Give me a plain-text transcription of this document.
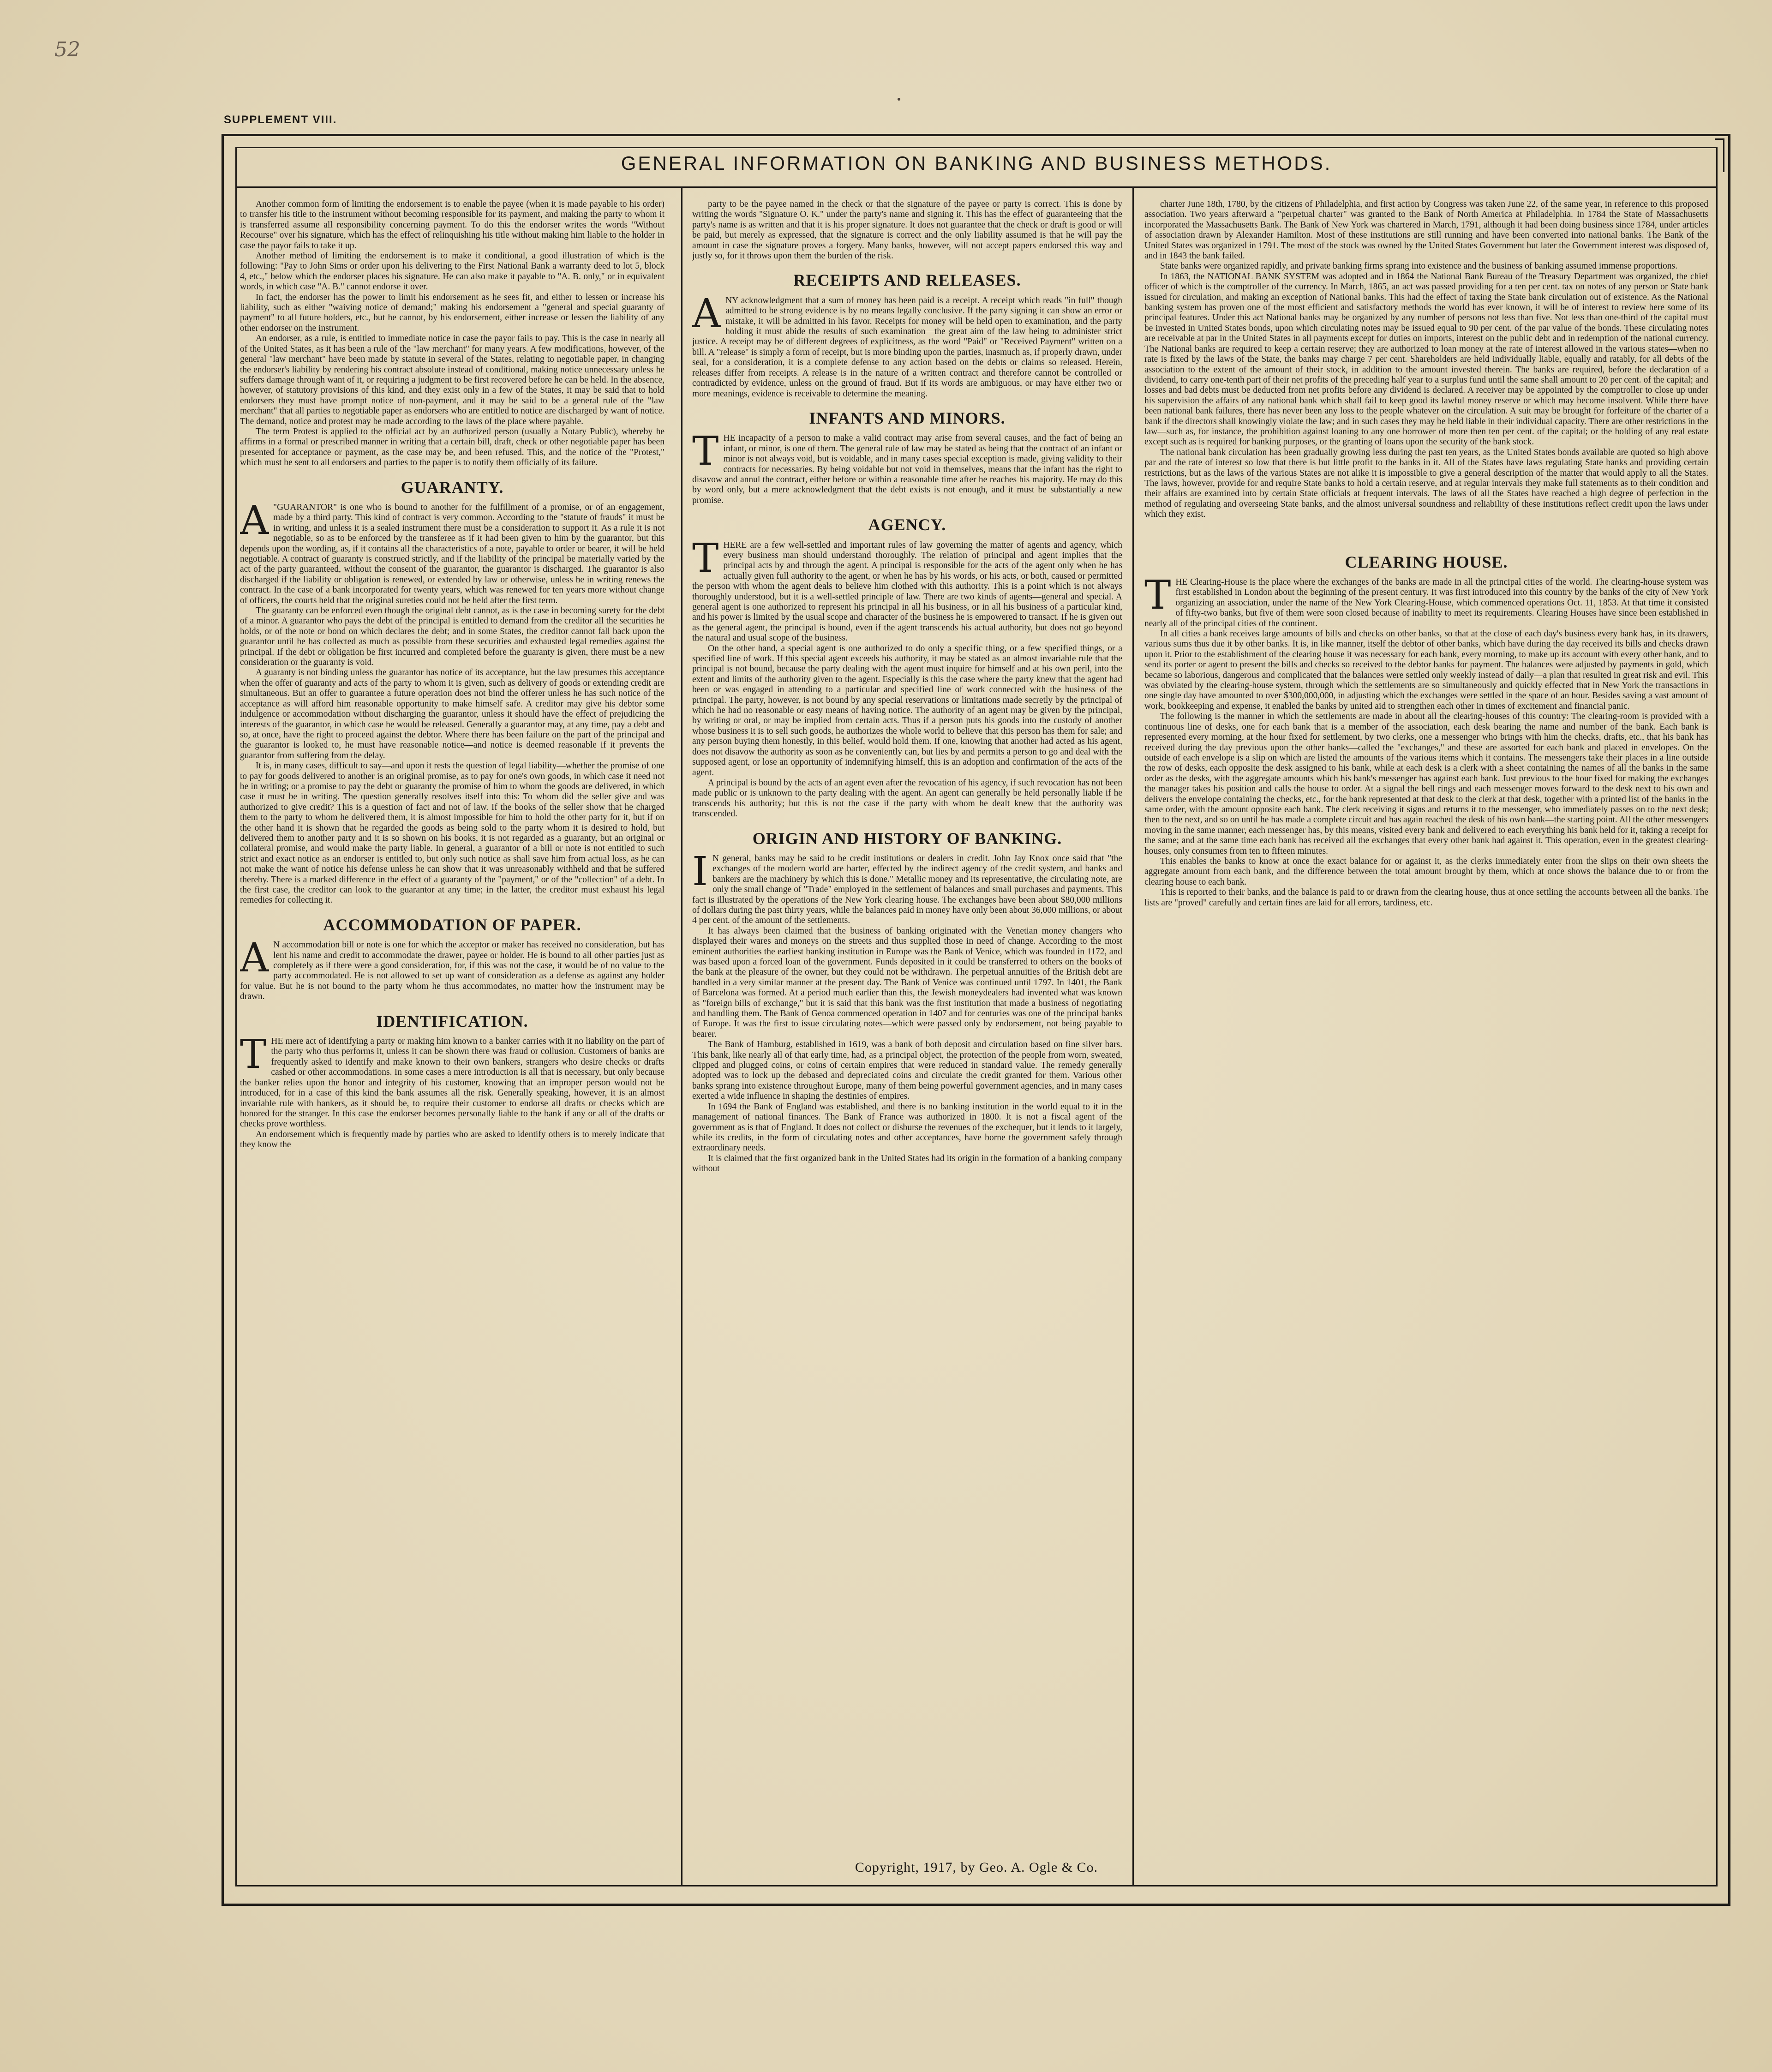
52
SUPPLEMENT VIII.
GENERAL INFORMATION ON BANKING AND BUSINESS METHODS.

Another common form of limiting the endorsement is to enable the payee (when it is made payable to his order) to transfer his title to the instrument without becoming responsible for its payment, and making the party to whom it is transferred assume all responsibility concerning payment. To do this the endorser writes the words "Without Recourse" over his signature, which has the effect of relinquishing his title without making him liable to the holder in case the payor fails to take it up.

Another method of limiting the endorsement is to make it conditional, a good illustration of which is the following: "Pay to John Sims or order upon his delivering to the First National Bank a warranty deed to lot 5, block 4, etc.," below which the endorser places his signature. He can also make it payable to "A. B. only," or in equivalent words, in which case "A. B." cannot endorse it over.

In fact, the endorser has the power to limit his endorsement as he sees fit, and either to lessen or increase his liability, such as either "waiving notice of demand;" making his endorsement a "general and special guaranty of payment" to all future holders, etc., but he cannot, by his endorsement, either increase or lessen the liability of any other endorser on the instrument.

An endorser, as a rule, is entitled to immediate notice in case the payor fails to pay. This is the case in nearly all of the United States, as it has been a rule of the "law merchant" for many years. A few modifications, however, of the general "law merchant" have been made by statute in several of the States, relating to negotiable paper, in changing the endorser's liability by rendering his contract absolute instead of conditional, making notice unnecessary unless he suffers damage through want of it, or requiring a judgment to be first recovered before he can be held. In the absence, however, of statutory provisions of this kind, and they exist only in a few of the States, it may be said that to hold endorsers they must have prompt notice of non-payment, and it may be said to be a general rule of the "law merchant" that all parties to negotiable paper as endorsers who are entitled to notice are discharged by want of notice. The demand, notice and protest may be made according to the laws of the place where payable.

The term Protest is applied to the official act by an authorized person (usually a Notary Public), whereby he affirms in a formal or prescribed manner in writing that a certain bill, draft, check or other negotiable paper has been presented for acceptance or payment, as the case may be, and been refused. This, and the notice of the "Protest," which must be sent to all endorsers and parties to the paper is to notify them officially of its failure.

GUARANTY.

A "GUARANTOR" is one who is bound to another for the fulfillment of a promise, or of an engagement, made by a third party. This kind of contract is very common. According to the "statute of frauds" it must be in writing, and unless it is a sealed instrument there must be a consideration to support it. As a rule it is not negotiable, so as to be enforced by the transferee as if it had been given to him by the guarantor, but this depends upon the wording, as, if it contains all the characteristics of a note, payable to order or bearer, it will be held negotiable. A contract of guaranty is construed strictly, and if the liability of the principal be materially varied by the act of the party guaranteed, without the consent of the guarantor, the guarantor is discharged. The guarantor is also discharged if the liability or obligation is renewed, or extended by law or otherwise, unless he in writing renews the contract. In the case of a bank incorporated for twenty years, which was renewed for ten years more without change of officers, the courts held that the original sureties could not be held after the first term.

The guaranty can be enforced even though the original debt cannot, as is the case in becoming surety for the debt of a minor. A guarantor who pays the debt of the principal is entitled to demand from the creditor all the securities he holds, or of the note or bond on which declares the debt; and in some States, the creditor cannot fall back upon the guarantor until he has collected as much as possible from these securities and exhausted legal remedies against the principal. If the debt or obligation be first incurred and completed before the guaranty is given, there must be a new consideration or the guaranty is void.

A guaranty is not binding unless the guarantor has notice of its acceptance, but the law presumes this acceptance when the offer of guaranty and acts of the party to whom it is given, such as delivery of goods or extending credit are simultaneous. But an offer to guarantee a future operation does not bind the offerer unless he has such notice of the acceptance as will afford him reasonable opportunity to make himself safe. A creditor may give his debtor some indulgence or accommodation without discharging the guarantor, unless it should have the effect of prejudicing the interests of the guarantor, in which case he would be released. Generally a guarantor may, at any time, pay a debt and so, at once, have the right to proceed against the debtor. Where there has been failure on the part of the principal and the guarantor is looked to, he must have reasonable notice—and notice is deemed reasonable if it prevents the guarantor from suffering from the delay.

It is, in many cases, difficult to say—and upon it rests the question of legal liability—whether the promise of one to pay for goods delivered to another is an original promise, as to pay for one's own goods, in which case it need not be in writing; or a promise to pay the debt or guaranty the promise of him to whom the goods are delivered, in which case it must be in writing. The question generally resolves itself into this: To whom did the seller give and was authorized to give credit? This is a question of fact and not of law. If the books of the seller show that he charged them to the party to whom he delivered them, it is almost impossible for him to hold the other party for it, but if on the other hand it is shown that he regarded the goods as being sold to the party whom it is desired to hold, but delivered them to another party and it is so shown on his books, it is not regarded as a guaranty, but an original or collateral promise, and would make the party liable. In general, a guarantor of a bill or note is not entitled to such strict and exact notice as an endorser is entitled to, but only such notice as shall save him from actual loss, as he can not make the want of notice his defense unless he can show that it was unreasonably withheld and that he suffered thereby. There is a marked difference in the effect of a guaranty of the "payment," or of the "collection" of a debt. In the first case, the creditor can look to the guarantor at any time; in the latter, the creditor must exhaust his legal remedies for collecting it.

ACCOMMODATION OF PAPER.

A N accommodation bill or note is one for which the acceptor or maker has received no consideration, but has lent his name and credit to accommodate the drawer, payee or holder. He is bound to all other parties just as completely as if there were a good consideration, for, if this was not the case, it would be of no value to the party accommodated. He is not allowed to set up want of consideration as a defense as against any holder for value. But he is not bound to the party whom he thus accommodates, no matter how the instrument may be drawn.

IDENTIFICATION.

THE mere act of identifying a party or making him known to a banker carries with it no liability on the part of the party who thus performs it, unless it can be shown there was fraud or collusion. Customers of banks are frequently asked to identify and make known to their own bankers, strangers who desire checks or drafts cashed or other accommodations. In some cases a mere introduction is all that is necessary, but only because the banker relies upon the honor and integrity of his customer, knowing that an improper person would not be introduced, for in a case of this kind the bank assumes all the risk. Generally speaking, however, it is an almost invariable rule with bankers, as it should be, to require their customer to endorse all drafts or checks which are honored for the stranger. In this case the endorser becomes personally liable to the bank if any or all of the drafts or checks prove worthless.

An endorsement which is frequently made by parties who are asked to identify others is to merely indicate that they know the

party to be the payee named in the check or that the signature of the payee or party is correct. This is done by writing the words "Signature O. K." under the party's name and signing it. This has the effect of guaranteeing that the party's name is as written and that it is his proper signature. It does not guarantee that the check or draft is good or will be paid, but merely as expressed, that the signature is correct and the only liability assumed is that he will pay the amount in case the signature proves a forgery. Many banks, however, will not accept papers endorsed this way and justly so, for it throws upon them the burden of the risk.

RECEIPTS AND RELEASES.

ANY acknowledgment that a sum of money has been paid is a receipt. A receipt which reads "in full" though admitted to be strong evidence is by no means legally conclusive. If the party signing it can show an error or mistake, it will be admitted in his favor. Receipts for money will be held open to examination, and the party holding it must abide the results of such examination—the great aim of the law being to administer strict justice. A receipt may be of different degrees of explicitness, as the word "Paid" or "Received Payment" written on a bill. A "release" is simply a form of receipt, but is more binding upon the parties, inasmuch as, if properly drawn, under seal, for a consideration, it is a complete defense to any action based on the debts or claims so released. Herein, releases differ from receipts. A release is in the nature of a written contract and therefore cannot be controlled or contradicted by evidence, unless on the ground of fraud. But if its words are ambiguous, or may have either two or more meanings, evidence is receivable to determine the meaning.

INFANTS AND MINORS.

THE incapacity of a person to make a valid contract may arise from several causes, and the fact of being an infant, or minor, is one of them. The general rule of law may be stated as being that the contract of an infant or minor is not always void, but is voidable, and in many cases special exception is made, giving validity to their contracts for necessaries. By being voidable but not void in themselves, means that the infant has the right to disavow and annul the contract, either before or within a reasonable time after he reaches his majority. He may do this by word only, but a mere acknowledgment that the debt exists is not enough, and it must be substantially a new promise.

AGENCY.

THERE are a few well-settled and important rules of law governing the matter of agents and agency, which every business man should understand thoroughly. The relation of principal and agent implies that the principal acts by and through the agent. A principal is responsible for the acts of the agent only when he has actually given full authority to the agent, or when he has by his words, or his acts, or both, caused or permitted the person with whom the agent deals to believe him clothed with this authority. This is a point which is not always thoroughly understood, but it is a well-settled principle of law. There are two kinds of agents—general and special. A general agent is one authorized to represent his principal in all his business, or in all his business of a particular kind, and his power is limited by the usual scope and character of the business he is empowered to transact. If he is given out as the general agent, the principal is bound, even if the agent transcends his actual authority, but does not go beyond the natural and usual scope of the business.

On the other hand, a special agent is one authorized to do only a specific thing, or a few specified things, or a specified line of work. If this special agent exceeds his authority, it may be stated as an almost invariable rule that the principal is not bound, because the party dealing with the agent must inquire for himself and at his own peril, into the extent and limits of the authority given to the agent. Especially is this the case where the party knew that the agent had been or was engaged in attending to a particular and specified line of work connected with the business of the principal. The party, however, is not bound by any special reservations or limitations made secretly by the principal of which he had no reasonable or easy means of having notice. The authority of an agent may be given by the principal, by writing or oral, or may be implied from certain acts. Thus if a person puts his goods into the custody of another whose business it is to sell such goods, he authorizes the whole world to believe that this person has them for sale; and any person buying them honestly, in this belief, would hold them. If one, knowing that another had acted as his agent, does not disavow the authority as soon as he conveniently can, but lies by and permits a person to go and deal with the supposed agent, or lose an opportunity of indemnifying himself, this is an adoption and confirmation of the acts of the agent.

A principal is bound by the acts of an agent even after the revocation of his agency, if such revocation has not been made public or is unknown to the party dealing with the agent. An agent can generally be held personally liable if he transcends his authority; but this is not the case if the party with whom he dealt knew that the authority was transcended.

ORIGIN AND HISTORY OF BANKING.

I N general, banks may be said to be credit institutions or dealers in credit. John Jay Knox once said that "the exchanges of the modern world are barter, effected by the indirect agency of the credit system, and banks and bankers are the machinery by which this is done." Metallic money and its representative, the circulating note, are only the small change of "Trade" employed in the settlement of balances and small purchases and payments. This fact is illustrated by the operations of the New York clearing house. The exchanges have been about $80,000 millions of dollars during the past thirty years, while the balances paid in money have only been about 36,000 millions, or about 4 per cent. of the amount of the settlements.

It has always been claimed that the business of banking originated with the Venetian money changers who displayed their wares and moneys on the streets and thus supplied those in need of change. According to the most eminent authorities the earliest banking institution in Europe was the Bank of Venice, which was founded in 1172, and was based upon a forced loan of the government. Funds deposited in it could be transferred to others on the books of the bank at the pleasure of the owner, but they could not be withdrawn. The perpetual annuities of the British debt are handled in a very similar manner at the present day. The Bank of Venice was continued until 1797. In 1401, the Bank of Barcelona was formed. At a period much earlier than this, the Jewish moneydealers had invented what was known as "foreign bills of exchange," but it is said that this bank was the first institution that made a business of negotiating and handling them. The Bank of Genoa commenced operation in 1407 and for centuries was one of the principal banks of Europe. It was the first to issue circulating notes—which were passed only by endorsement, not being payable to bearer.

The Bank of Hamburg, established in 1619, was a bank of both deposit and circulation based on fine silver bars. This bank, like nearly all of that early time, had, as a principal object, the protection of the people from worn, sweated, clipped and plugged coins, or coins of certain empires that were reduced in standard value. The remedy generally adopted was to lock up the debased and depreciated coins and circulate the credit granted for them. Various other banks sprang into existence throughout Europe, many of them being powerful government agencies, and in many cases exerted a wide influence in shaping the destinies of empires.

In 1694 the Bank of England was established, and there is no banking institution in the world equal to it in the management of national finances. The Bank of France was authorized in 1800. It is not a fiscal agent of the government as is that of England. It does not collect or disburse the revenues of the exchequer, but it lends to it largely, while its credits, in the form of circulating notes and other acceptances, have borne the government safely through extraordinary needs.

It is claimed that the first organized bank in the United States had its origin in the formation of a banking company without

charter June 18th, 1780, by the citizens of Philadelphia, and first action by Congress was taken June 22, of the same year, in reference to this proposed association. Two years afterward a "perpetual charter" was granted to the Bank of North America at Philadelphia. In 1784 the State of Massachusetts incorporated the Massachusetts Bank. The Bank of New York was chartered in March, 1791, although it had been doing business since 1784, under articles of association drawn by Alexander Hamilton. Most of these institutions are still running and have been converted into national banks. The Bank of the United States was organized in 1791. The most of the stock was owned by the United States Government but later the Government interest was disposed of, and in 1843 the bank failed.

State banks were organized rapidly, and private banking firms sprang into existence and the business of banking assumed immense proportions.

In 1863, the NATIONAL BANK SYSTEM was adopted and in 1864 the National Bank Bureau of the Treasury Department was organized, the chief officer of which is the comptroller of the currency. In March, 1865, an act was passed providing for a ten per cent. tax on notes of any person or State bank issued for circulation, and making an exception of National banks. This had the effect of taxing the State bank circulation out of existence. As the National banking system has proven one of the most efficient and satisfactory methods the world has ever known, it will be of interest to review here some of its principal features. Under this act National banks may be organized by any number of persons not less than five. Not less than one-third of the capital must be invested in United States bonds, upon which circulating notes may be issued equal to 90 per cent. of the par value of the bonds. These circulating notes are receivable at par in the United States in all payments except for duties on imports, interest on the public debt and in redemption of the national currency. The National banks are required to keep a certain reserve; they are authorized to loan money at the rate of interest allowed in the various states—when no rate is fixed by the laws of the State, the banks may charge 7 per cent. Shareholders are held individually liable, equally and ratably, for all debts of the association to the extent of the amount of their stock, in addition to the amount invested therein. The banks are required, before the declaration of a dividend, to carry one-tenth part of their net profits of the preceding half year to a surplus fund until the same shall amount to 20 per cent. of the capital; and losses and bad debts must be deducted from net profits before any dividend is declared. A receiver may be appointed by the comptroller to close up under his supervision the affairs of any national bank which shall fail to keep good its lawful money reserve or which may become insolvent. While there have been national bank failures, there has never been any loss to the people whatever on the circulation. A suit may be brought for forfeiture of the charter of a bank if the directors shall knowingly violate the law; and in such cases they may be held liable in their individual capacity. There are other restrictions in the law—such as, for instance, the prohibition against loaning to any one borrower of more then ten per cent. of the capital; or the holding of any real estate except such as is required for banking purposes, or the granting of loans upon the security of the bank stock.

The national bank circulation has been gradually growing less during the past ten years, as the United States bonds available are quoted so high above par and the rate of interest so low that there is but little profit to the banks in it. All of the States have laws regulating State banks and providing certain restrictions, but as the laws of the various States are not alike it is impossible to give a general description of the matter that would apply to all the States. The laws, however, provide for and require State banks to hold a certain reserve, and at regular intervals they make full statements as to their condition and their affairs are examined into by certain State officials at frequent intervals. The laws of all the States have reached a high degree of perfection in the method of regulating and overseeing State banks, and the almost universal soundness and reliability of these institutions reflect credit upon the laws under which they exist.

CLEARING HOUSE.

THE Clearing-House is the place where the exchanges of the banks are made in all the principal cities of the world. The clearing-house system was first established in London about the beginning of the present century. It was first introduced into this country by the banks of the city of New York organizing an association, under the name of the New York Clearing-House, which commenced operations Oct. 11, 1853. At that time it consisted of fifty-two banks, but five of them were soon closed because of inability to meet its requirements. Clearing Houses have since been established in nearly all of the principal cities of the continent.

In all cities a bank receives large amounts of bills and checks on other banks, so that at the close of each day's business every bank has, in its drawers, various sums thus due it by other banks. It is, in like manner, itself the debtor of other banks, which have during the day received its bills and checks drawn upon it. Prior to the establishment of the clearing house it was necessary for each bank, every morning, to make up its account with every other bank, and to send its porter or agent to present the bills and checks so received to the debtor banks for payment. The balances were adjusted by payments in gold, which became so laborious, dangerous and complicated that the balances were settled only weekly instead of daily—a plan that resulted in great risk and evil. This was obviated by the clearing-house system, through which the settlements are so simultaneously and quickly effected that in New York the transactions in one single day have amounted to over $300,000,000, in adjusting which the exchanges were settled in the space of an hour. Besides saving a vast amount of work, bookkeeping and expense, it enabled the banks by united aid to strengthen each other in times of excitement and financial panic.

The following is the manner in which the settlements are made in about all the clearing-houses of this country: The clearing-room is provided with a continuous line of desks, one for each bank that is a member of the association, each desk bearing the name and number of the bank. Each bank is represented every morning, at the hour fixed for settlement, by two clerks, one a messenger who brings with him the checks, drafts, etc., that his bank has received during the day previous upon the other banks—called the "exchanges," and these are assorted for each bank and placed in envelopes. On the outside of each envelope is a slip on which are listed the amounts of the various items which it contains. The messengers take their places in a line outside the row of desks, each opposite the desk assigned to his bank, while at each desk is a clerk with a sheet containing the names of all the banks in the same order as the desks, with the aggregate amounts which his bank's messenger has against each bank. Just previous to the hour fixed for making the exchanges the manager takes his position and calls the house to order. At a signal the bell rings and each messenger moves forward to the desk next to his own and delivers the envelope containing the checks, etc., for the bank represented at that desk to the clerk at that desk, together with a printed list of the banks in the same order, with the amount opposite each bank. The clerk receiving it signs and returns it to the messenger, who immediately passes on to the next desk; then to the next, and so on until he has made a complete circuit and has again reached the desk of his own bank—the starting point. All the other messengers moving in the same manner, each messenger has, by this means, visited every bank and delivered to each everything his bank held for it, taking a receipt for the same; and at the same time each bank has received all the exchanges that every other bank had against it. This operation, even in the greatest clearing-houses, only consumes from ten to fifteen minutes.

This enables the banks to know at once the exact balance for or against it, as the clerks immediately enter from the slips on their own sheets the aggregate amount from each bank, and the difference between the total amount brought by them, which at once shows the balance due to or from the clearing house to each bank.

This is reported to their banks, and the balance is paid to or drawn from the clearing house, thus at once settling the accounts between all the banks. The lists are "proved" carefully and certain fines are laid for all errors, tardiness, etc.

Copyright, 1917, by Geo. A. Ogle & Co.
